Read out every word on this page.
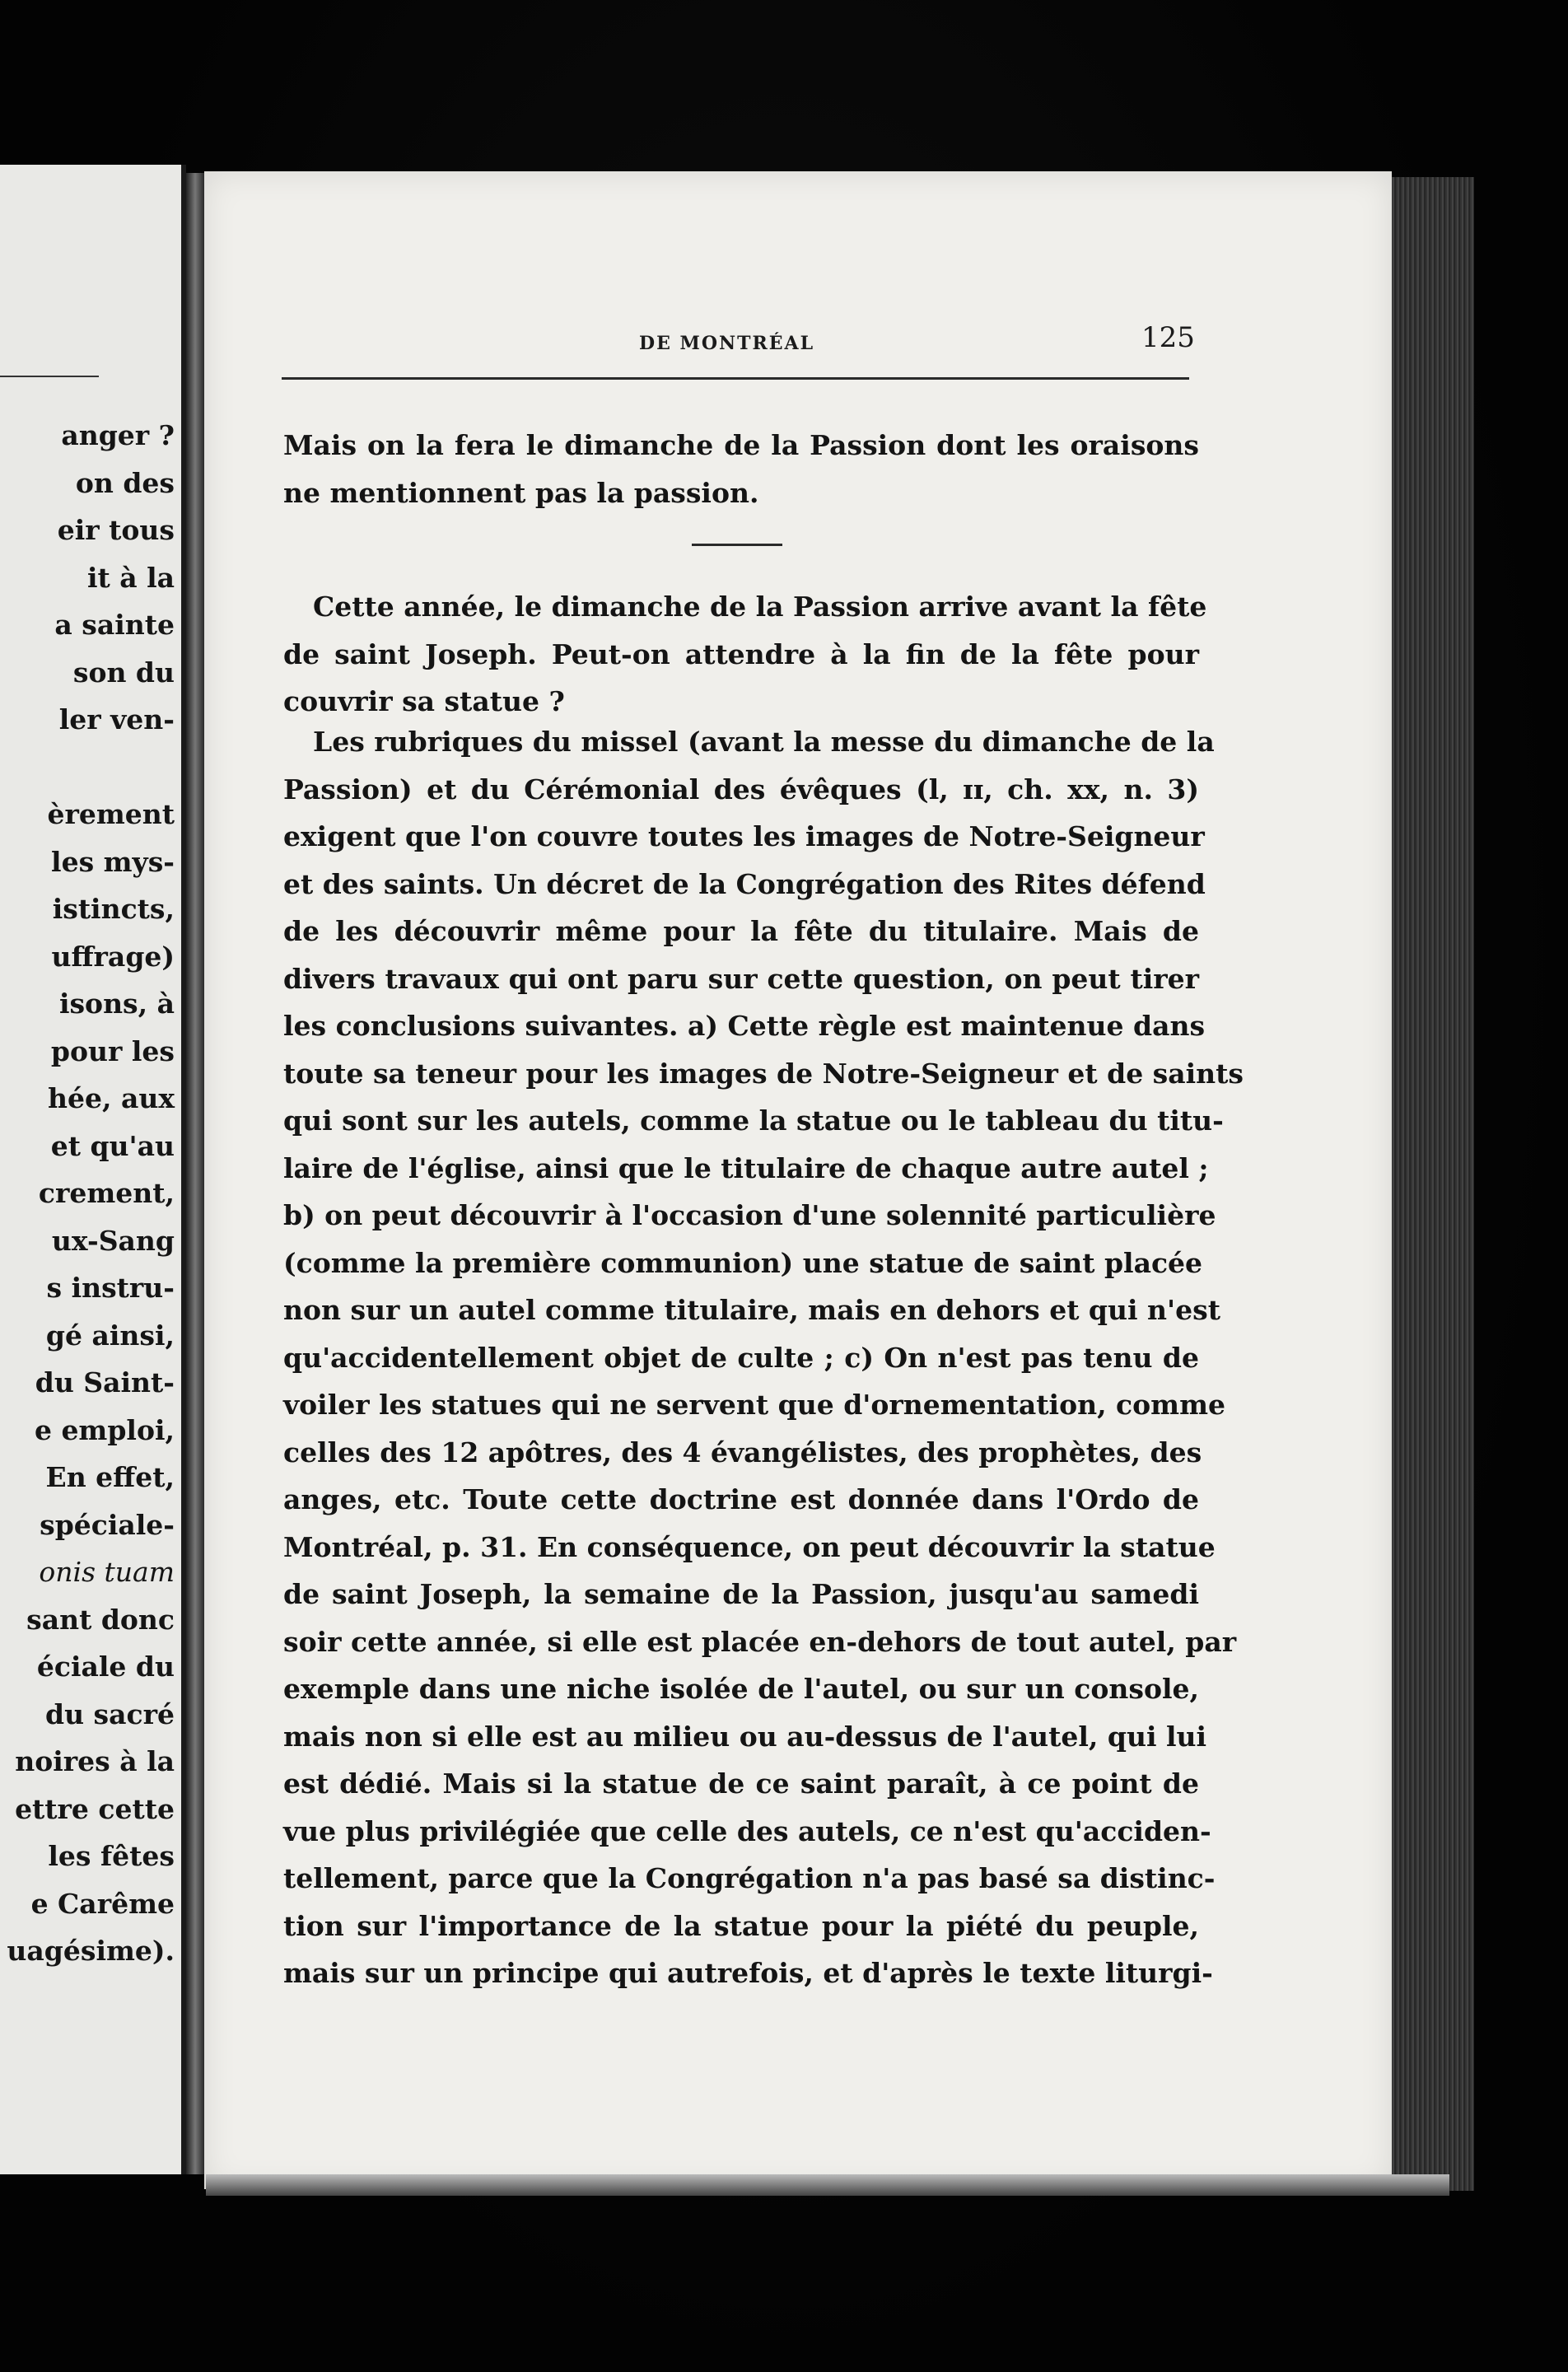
anger ?
on des
eir tous
it à la
a sainte
son du
ler ven-
èrement
les mys-
istincts,
uffrage)
isons, à
pour les
hée, aux
et qu'au
crement,
ux-Sang
s instru-
gé ainsi,
du Saint-
e emploi,
En effet,
spéciale-
onis tuam
sant donc
éciale du
du sacré
noires à la
ettre cette
les fêtes
e Carême
uagésime).
DE MONTRÉAL	125
Mais on la fera le dimanche de la Passion dont les oraisons
ne mentionnent pas la passion.
Cette année, le dimanche de la Passion arrive avant la fête
de saint Joseph. Peut-on attendre à la fin de la fête pour
couvrir sa statue ?
Les rubriques du missel (avant la messe du dimanche de la
Passion) et du Cérémonial des évêques (l, ɪɪ, ch. xx, n. 3)
exigent que l'on couvre toutes les images de Notre-Seigneur
et des saints. Un décret de la Congrégation des Rites défend
de les découvrir même pour la fête du titulaire. Mais de
divers travaux qui ont paru sur cette question, on peut tirer
les conclusions suivantes. a) Cette règle est maintenue dans
toute sa teneur pour les images de Notre-Seigneur et de saints
qui sont sur les autels, comme la statue ou le tableau du titu-
laire de l'église, ainsi que le titulaire de chaque autre autel ;
b) on peut découvrir à l'occasion d'une solennité particulière
(comme la première communion) une statue de saint placée
non sur un autel comme titulaire, mais en dehors et qui n'est
qu'accidentellement objet de culte ; c) On n'est pas tenu de
voiler les statues qui ne servent que d'ornementation, comme
celles des 12 apôtres, des 4 évangélistes, des prophètes, des
anges, etc. Toute cette doctrine est donnée dans l'Ordo de
Montréal, p. 31. En conséquence, on peut découvrir la statue
de saint Joseph, la semaine de la Passion, jusqu'au samedi
soir cette année, si elle est placée en-dehors de tout autel, par
exemple dans une niche isolée de l'autel, ou sur un console,
mais non si elle est au milieu ou au-dessus de l'autel, qui lui
est dédié. Mais si la statue de ce saint paraît, à ce point de
vue plus privilégiée que celle des autels, ce n'est qu'acciden-
tellement, parce que la Congrégation n'a pas basé sa distinc-
tion sur l'importance de la statue pour la piété du peuple,
mais sur un principe qui autrefois, et d'après le texte liturgi-
